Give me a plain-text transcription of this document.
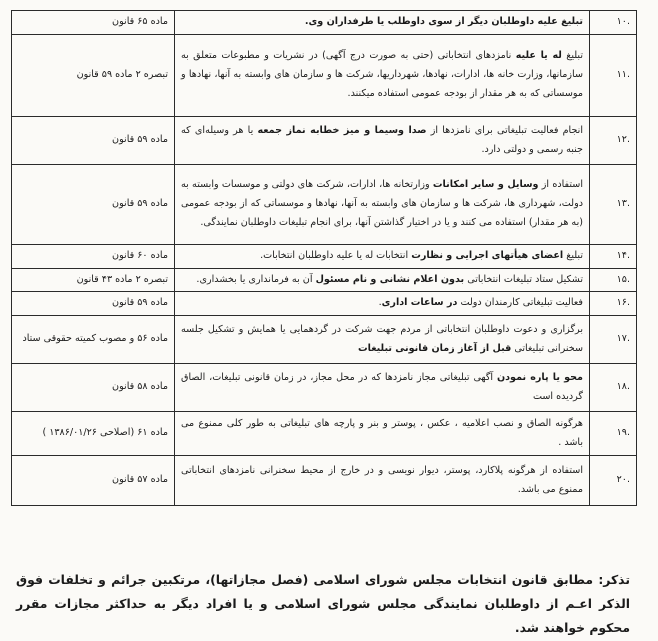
.۱۰	تبلیغ علیه داوطلبان دیگر از سوی داوطلب یا طرفداران وی.	ماده ۶۵ قانون
.۱۱	تبلیغ له یا علیه نامزدهای انتخاباتی (حتی به صورت درج آگهی) در نشریات و مطبوعات متعلق به سازمانها، وزارت خانه ها، ادارات، نهادها، شهرداریها، شرکت ها و سازمان های وابسته به آنها، نهادها و موسساتی که به هر مقدار از بودجه عمومی استفاده میکنند.	تبصره ۲ ماده ۵۹ قانون
.۱۲	انجام فعالیت تبلیغاتی برای نامزدها از صدا وسیما و میز خطابه نماز جمعه یا هر وسیله‌ای که جنبه رسمی و دولتی دارد.	ماده ۵۹ قانون
.۱۳	استفاده از وسایل و سایر امکانات وزارتخانه ها، ادارات، شرکت های دولتی و موسسات وابسته به دولت، شهرداری ها، شرکت ها و سازمان های وابسته به آنها، نهادها و موسساتی که از بودجه عمومی (به هر مقدار) استفاده می کنند و یا در اختیار گذاشتن آنها، برای انجام تبلیغات داوطلبان نمایندگی.	ماده ۵۹ قانون
.۱۴	تبلیغ اعضای هیأتهای اجرایی و نظارت انتخابات له یا علیه داوطلبان انتخابات.	ماده ۶۰ قانون
.۱۵	تشکیل ستاد تبلیغات انتخاباتی بدون اعلام نشانی و نام مسئول آن به فرمانداری یا بخشداری.	تبصره ۲ ماده ۴۳ قانون
.۱۶	فعالیت تبلیغاتی کارمندان دولت در ساعات اداری.	ماده ۵۹ قانون
.۱۷	برگزاری و دعوت داوطلبان انتخاباتی از مردم جهت شرکت در گردهمایی یا همایش و تشکیل جلسه سخنرانی تبلیغاتی قبل از آغاز زمان قانونی تبلیغات	ماده ۵۶ و مصوب کمیته حقوقی ستاد
.۱۸	محو یا پاره نمودن آگهی تبلیغاتی مجاز نامزدها که در محل مجاز، در زمان قانونی تبلیغات، الصاق گردیده است	ماده ۵۸ قانون
.۱۹	هرگونه الصاق و نصب اعلامیه ، عکس ، پوستر و بنر و پارچه های تبلیغاتی به طور کلی ممنوع می باشد .	ماده ۶۱ (اصلاحی ۱۳۸۶/۰۱/۲۶ )
.۲۰	استفاده از هرگونه پلاکارد، پوستر، دیوار نویسی و در خارج از محیط سخنرانی نامزدهای انتخاباتی ممنوع می باشد.	ماده ۵۷ قانون
تذکر: مطابق قانون انتخابات مجلس شورای اسلامی (فصل مجازاتها)، مرتکبین جرائم و تخلفات فوق الذکر اعـم از داوطلبان نمایندگی مجلس شورای اسلامی و یا افراد دیگر به حداکثر مجازات مقرر محکوم خواهند شد.
